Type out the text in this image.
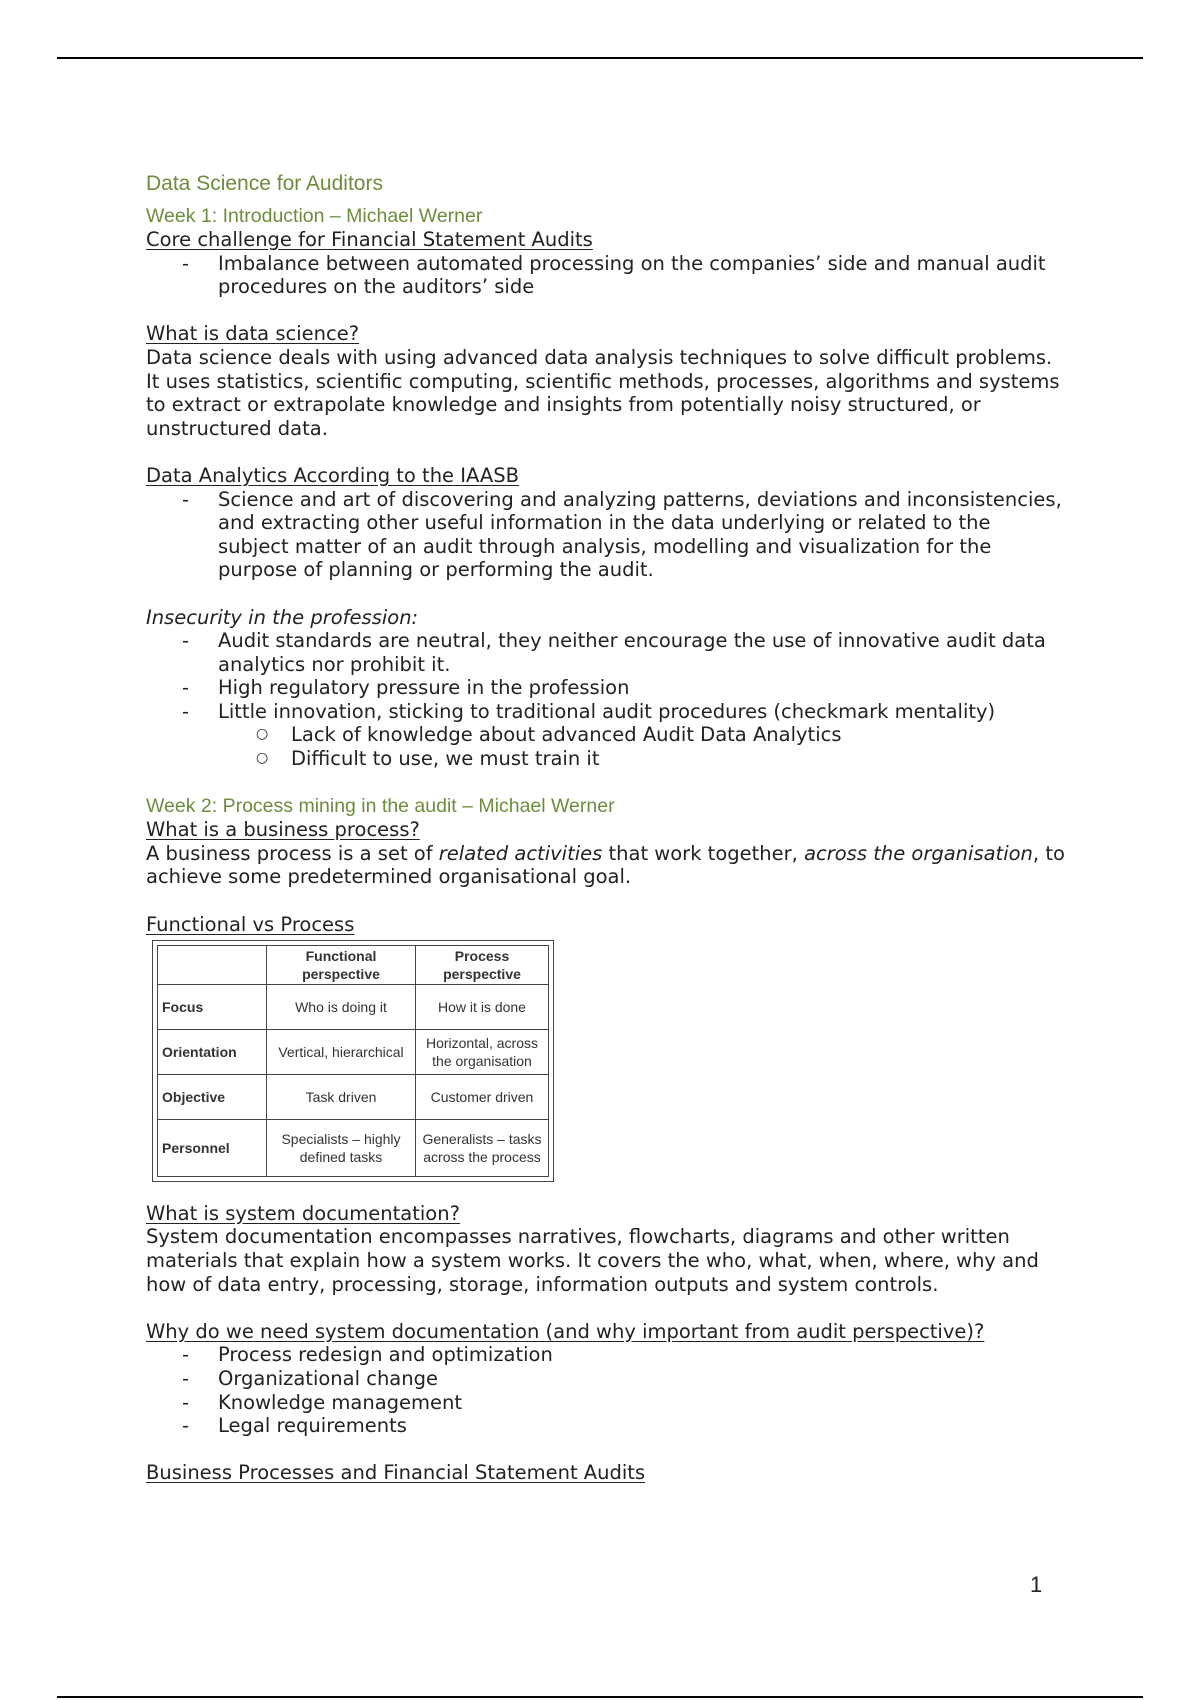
Data Science for Auditors
Week 1: Introduction – Michael Werner
Core challenge for Financial Statement Audits
- Imbalance between automated processing on the companies’ side and manual audit procedures on the auditors’ side
What is data science?

Data science deals with using advanced data analysis techniques to solve difficult problems. It uses statistics, scientific computing, scientific methods, processes, algorithms and systems to extract or extrapolate knowledge and insights from potentially noisy structured, or unstructured data.

Data Analytics According to the IAASB
- Science and art of discovering and analyzing patterns, deviations and inconsistencies, and extracting other useful information in the data underlying or related to the subject matter of an audit through analysis, modelling and visualization for the purpose of planning or performing the audit.
Insecurity in the profession:
- Audit standards are neutral, they neither encourage the use of innovative audit data analytics nor prohibit it.
- High regulatory pressure in the profession
- Little innovation, sticking to traditional audit procedures (checkmark mentality)
○ Lack of knowledge about advanced Audit Data Analytics
○ Difficult to use, we must train it
Week 2: Process mining in the audit – Michael Werner
What is a business process?

A business process is a set of related activities that work together, across the organisation, to achieve some predetermined organisational goal.

Functional vs Process
	Functional perspective	Process perspective
Focus	Who is doing it	How it is done
Orientation	Vertical, hierarchical	Horizontal, across the organisation
Objective	Task driven	Customer driven
Personnel	Specialists – highly defined tasks	Generalists – tasks across the process
What is system documentation?

System documentation encompasses narratives, flowcharts, diagrams and other written materials that explain how a system works. It covers the who, what, when, where, why and how of data entry, processing, storage, information outputs and system controls.

Why do we need system documentation (and why important from audit perspective)?
- Process redesign and optimization
- Organizational change
- Knowledge management
- Legal requirements
Business Processes and Financial Statement Audits
1
